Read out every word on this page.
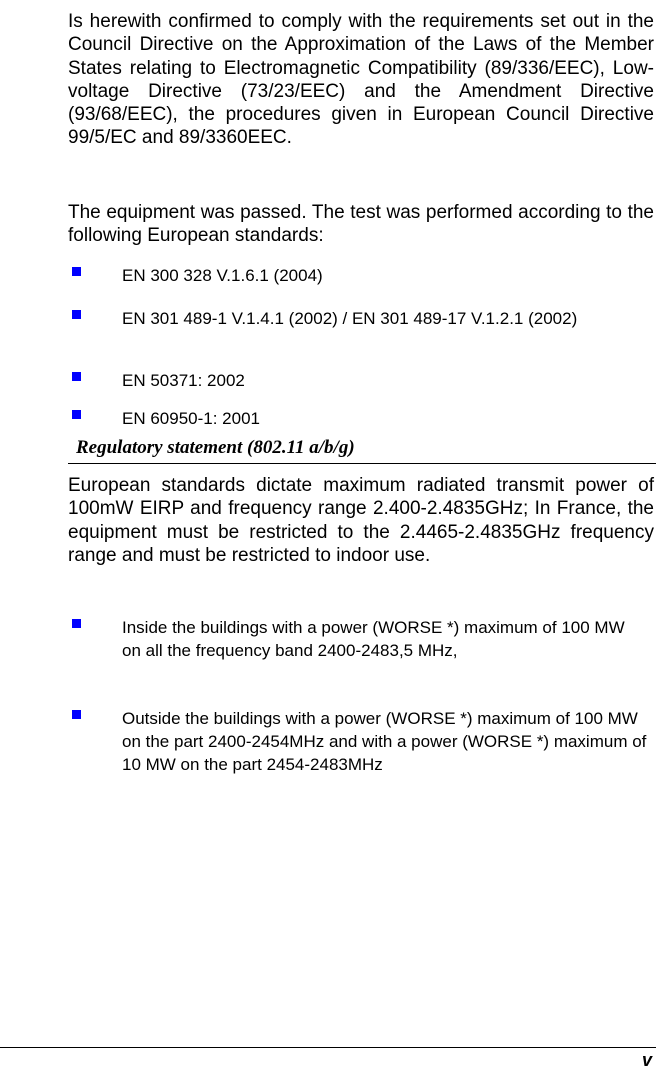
Is herewith confirmed to comply with the requirements set out in the Council Directive on the Approximation of the Laws of the Member States relating to Electromagnetic Compatibility (89/336/EEC), Low-voltage Directive (73/23/EEC) and the Amendment Directive (93/68/EEC), the procedures given in European Council Directive 99/5/EC and 89/3360EEC.

The equipment was passed. The test was performed according to the following European standards:

EN 300 328 V.1.6.1 (2004)
EN 301 489-1 V.1.4.1 (2002) / EN 301 489-17 V.1.2.1 (2002)
EN 50371: 2002
EN 60950-1: 2001
Regulatory statement (802.11 a/b/g)

European standards dictate maximum radiated transmit power of 100mW EIRP and frequency range 2.400-2.4835GHz; In France, the equipment must be restricted to the 2.4465-2.4835GHz frequency range and must be restricted to indoor use.

Inside the buildings with a power (WORSE *) maximum of 100 MW on all the frequency band 2400-2483,5 MHz,
Outside the buildings with a power (WORSE *) maximum of 100 MW on the part 2400-2454MHz and with a power (WORSE *) maximum of 10 MW on the part 2454-2483MHz
v
